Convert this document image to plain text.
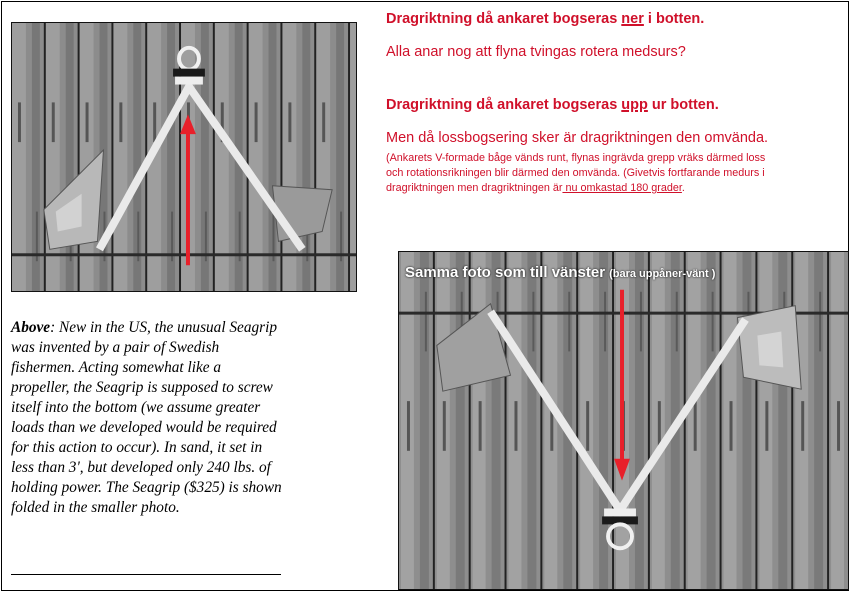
Dragriktning då ankaret bogseras ner i botten.

Alla anar nog att flyna tvingas rotera medsurs?

Dragriktning då ankaret bogseras upp ur botten.

Men då lossbogsering sker är dragriktningen den omvända.

(Ankarets V-formade båge vänds runt, flynas ingrävda grepp vräks därmed loss

och rotationsrikningen blir därmed den omvända. (Givetvis fortfarande medurs i

dragriktningen men dragriktningen är nu omkastad 180 grader.

Samma foto som till vänster (bara uppåner-vänt )
Above: New in the US, the unusual Seagrip was invented by a pair of Swedish fishermen. Acting somewhat like a propeller, the Seagrip is supposed to screw itself into the bottom (we assume greater loads than we developed would be required for this action to occur). In sand, it set in less than 3', but developed only 240 lbs. of holding power. The Seagrip ($325) is shown folded in the smaller photo.
